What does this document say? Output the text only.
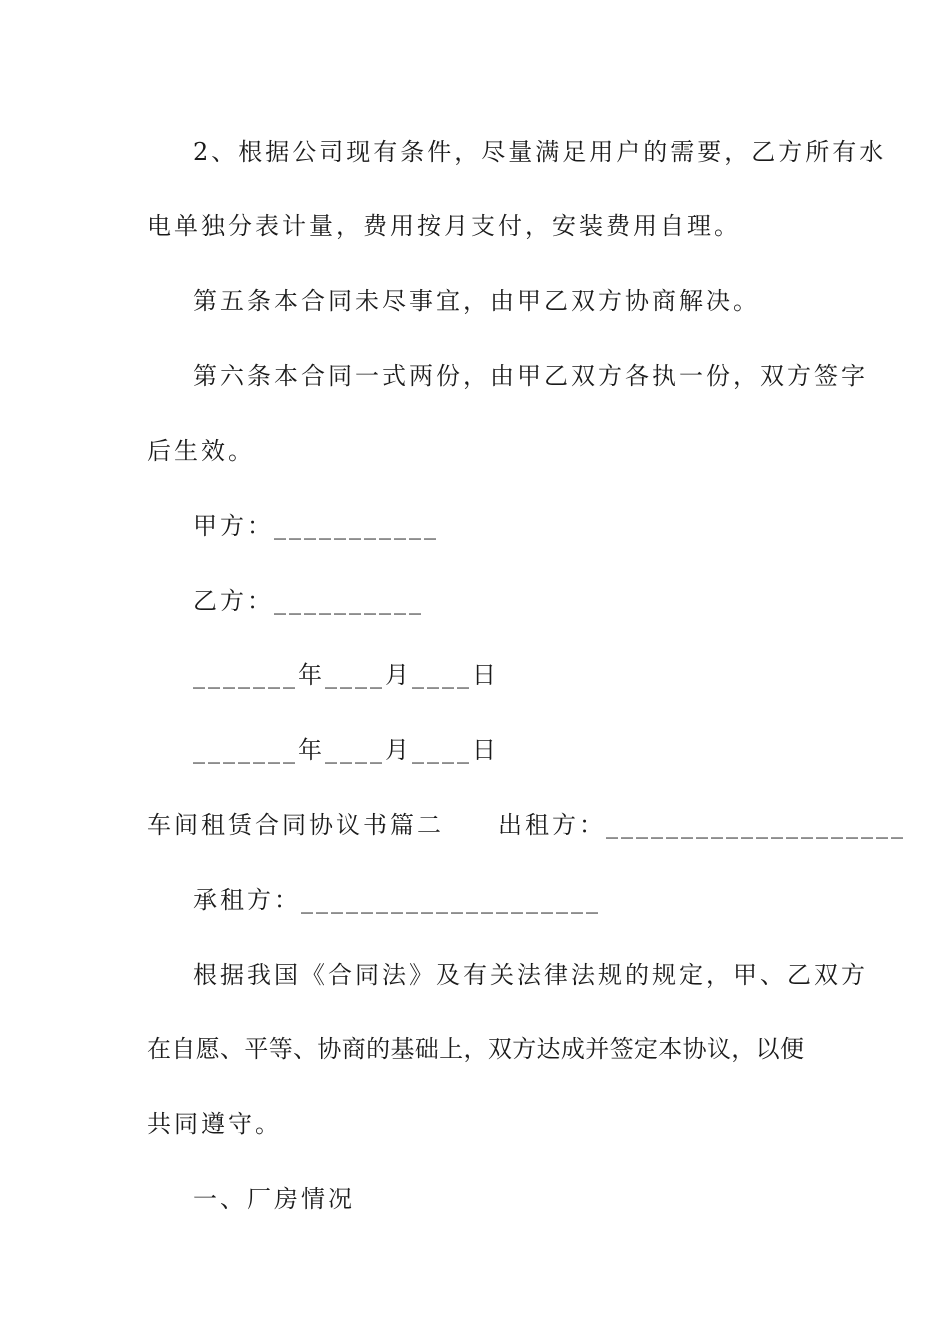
2、根据公司现有条件，尽量满足用户的需要，乙方所有水
电单独分表计量，费用按月支付，安装费用自理。
第五条本合同未尽事宜，由甲乙双方协商解决。
第六条本合同一式两份，由甲乙双方各执一份，双方签字
后生效。
甲方：___________
乙方：__________
_______年____月____日
_______年____月____日
车间租赁合同协议书篇二　　出租方：____________________
承租方：____________________
根据我国《合同法》及有关法律法规的规定，甲、乙双方
在自愿、平等、协商的基础上，双方达成并签定本协议，以便
共同遵守。
一、厂房情况
